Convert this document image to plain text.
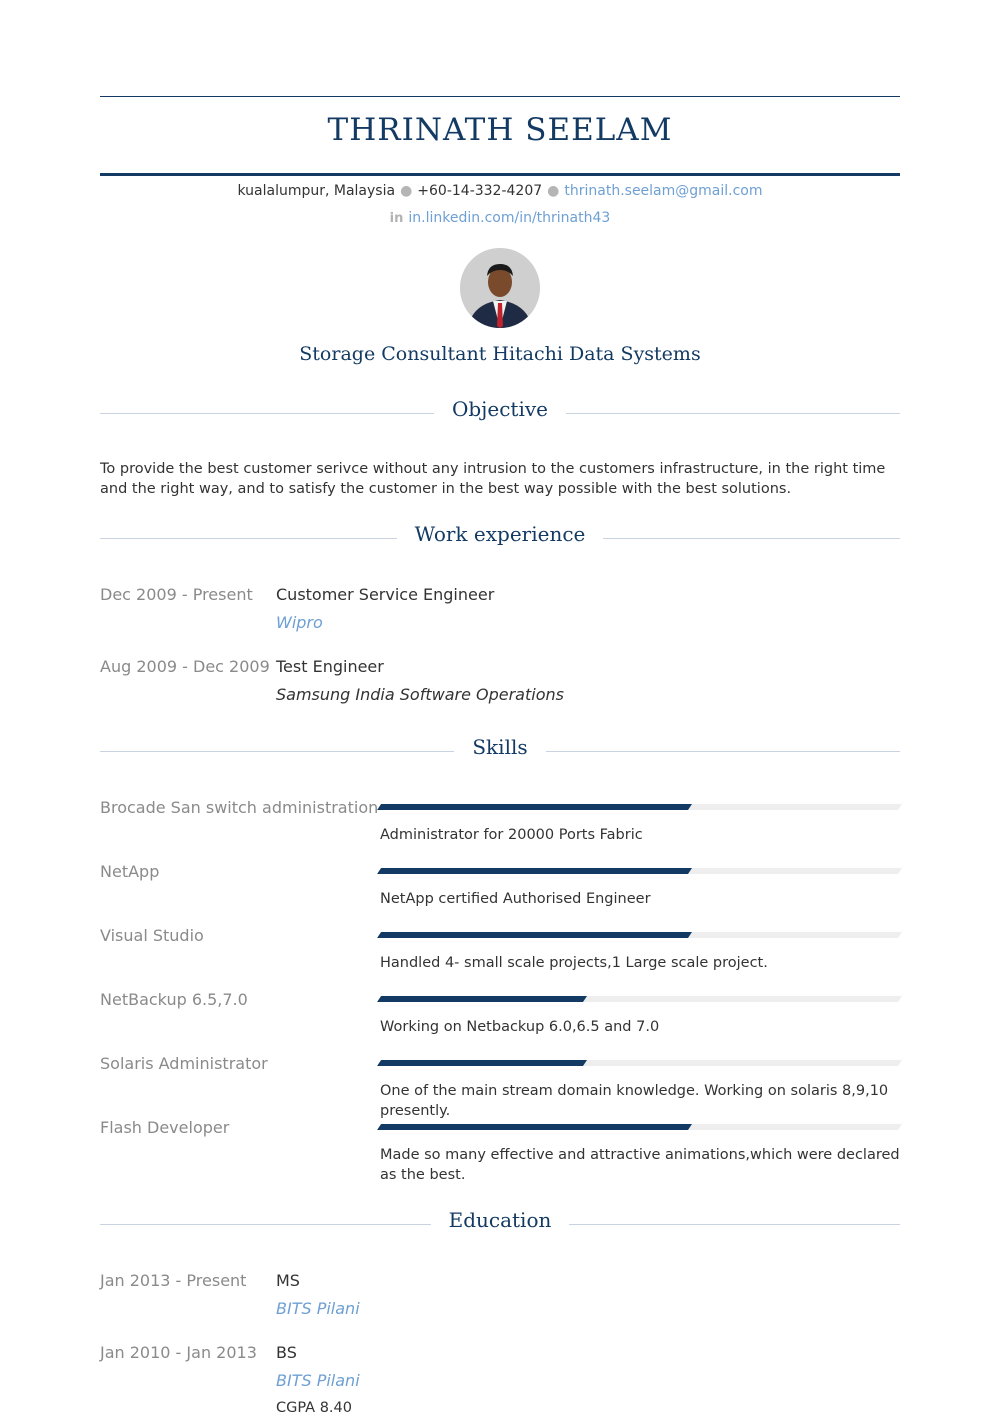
THRINATH SEELAM
kualalumpur, Malaysia ● +60-14-332-4207 ● thrinath.seelam@gmail.com
in in.linkedin.com/in/thrinath43
Storage Consultant Hitachi Data Systems
Objective
To provide the best customer serivce without any intrusion to the customers infrastructure, in the right time and the right way, and to satisfy the customer in the best way possible with the best solutions.
Work experience
Dec 2009 - Present Customer Service Engineer
Wipro
Aug 2009 - Dec 2009 Test Engineer
Samsung India Software Operations
Skills
Brocade San switch administration
Administrator for 20000 Ports Fabric
NetApp
NetApp certified Authorised Engineer
Visual Studio
Handled 4- small scale projects,1 Large scale project.
NetBackup 6.5,7.0
Working on Netbackup 6.0,6.5 and 7.0
Solaris Administrator
One of the main stream domain knowledge. Working on solaris 8,9,10 presently.
Flash Developer
Made so many effective and attractive animations,which were declared as the best.
Education
Jan 2013 - Present MS
BITS Pilani
Jan 2010 - Jan 2013 BS
BITS Pilani
CGPA 8.40
